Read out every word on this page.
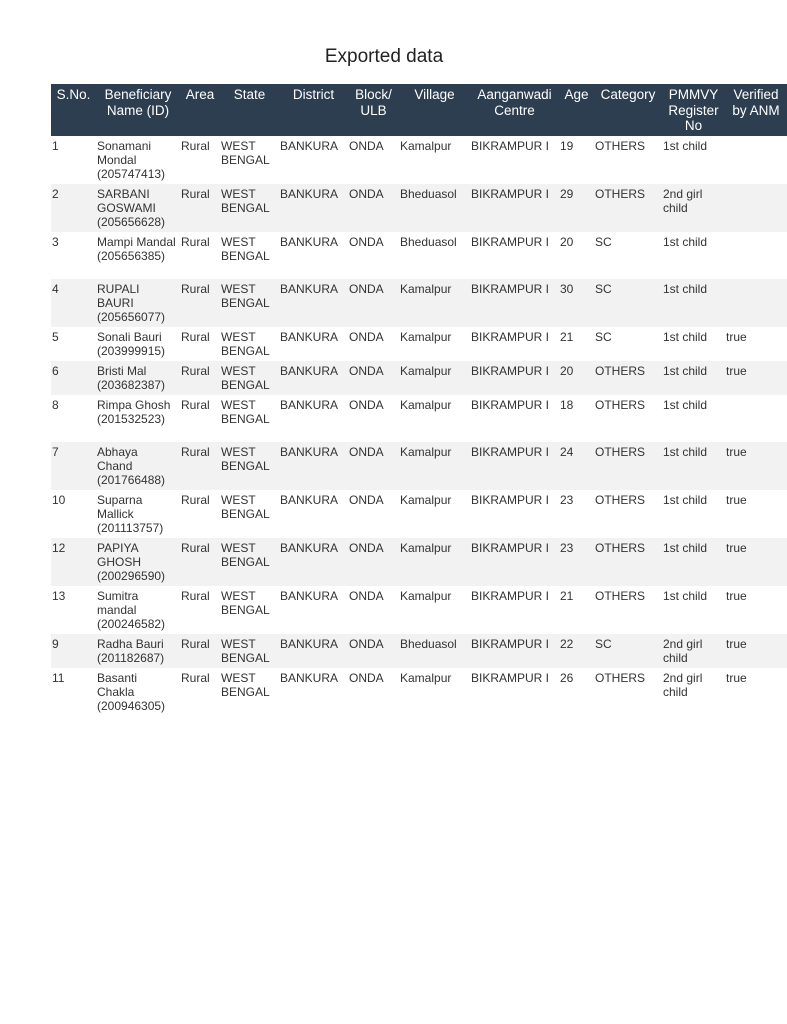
Exported data
S.No.	Beneficiary Name (ID)	Area	State	District	Block/ ULB	Village	Aanganwadi Centre	Age	Category	PMMVY Register No	Verified by ANM
1	Sonamani Mondal (205747413)	Rural	WEST BENGAL	BANKURA	ONDA	Kamalpur	BIKRAMPUR I	19	OTHERS	1st child	
2	SARBANI GOSWAMI (205656628)	Rural	WEST BENGAL	BANKURA	ONDA	Bheduasol	BIKRAMPUR I	29	OTHERS	2nd girl child	
3	Mampi Mandal (205656385)	Rural	WEST BENGAL	BANKURA	ONDA	Bheduasol	BIKRAMPUR I	20	SC	1st child	
4	RUPALI BAURI (205656077)	Rural	WEST BENGAL	BANKURA	ONDA	Kamalpur	BIKRAMPUR I	30	SC	1st child	
5	Sonali Bauri (203999915)	Rural	WEST BENGAL	BANKURA	ONDA	Kamalpur	BIKRAMPUR I	21	SC	1st child	true
6	Bristi Mal (203682387)	Rural	WEST BENGAL	BANKURA	ONDA	Kamalpur	BIKRAMPUR I	20	OTHERS	1st child	true
8	Rimpa Ghosh (201532523)	Rural	WEST BENGAL	BANKURA	ONDA	Kamalpur	BIKRAMPUR I	18	OTHERS	1st child	
7	Abhaya Chand (201766488)	Rural	WEST BENGAL	BANKURA	ONDA	Kamalpur	BIKRAMPUR I	24	OTHERS	1st child	true
10	Suparna Mallick (201113757)	Rural	WEST BENGAL	BANKURA	ONDA	Kamalpur	BIKRAMPUR I	23	OTHERS	1st child	true
12	PAPIYA GHOSH (200296590)	Rural	WEST BENGAL	BANKURA	ONDA	Kamalpur	BIKRAMPUR I	23	OTHERS	1st child	true
13	Sumitra mandal (200246582)	Rural	WEST BENGAL	BANKURA	ONDA	Kamalpur	BIKRAMPUR I	21	OTHERS	1st child	true
9	Radha Bauri (201182687)	Rural	WEST BENGAL	BANKURA	ONDA	Bheduasol	BIKRAMPUR I	22	SC	2nd girl child	true
11	Basanti Chakla (200946305)	Rural	WEST BENGAL	BANKURA	ONDA	Kamalpur	BIKRAMPUR I	26	OTHERS	2nd girl child	true
